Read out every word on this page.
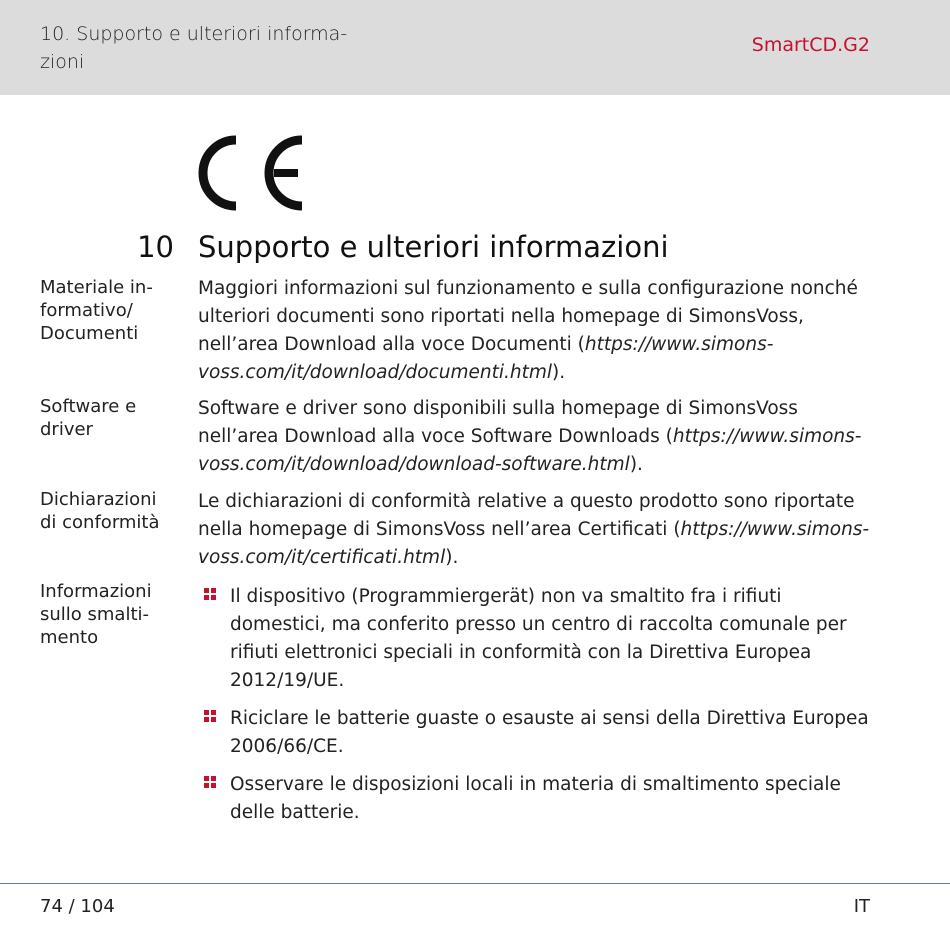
10. Supporto e ulteriori informa-
zioni
SmartCD.G2
10 Supporto e ulteriori informazioni
Materiale in-
formativo/
Documenti

Maggiori informazioni sul funzionamento e sulla configurazione nonché ulteriori documenti sono riportati nella homepage di SimonsVoss, nell’area Download alla voce Documenti (https://www.simons-voss.com/it/download/documenti.html).

Software e
driver

Software e driver sono disponibili sulla homepage di SimonsVoss nell’area Download alla voce Software Downloads (https://www.simons-voss.com/it/download/download-software.html).

Dichiarazioni
di conformità

Le dichiarazioni di conformità relative a questo prodotto sono riportate nella homepage di SimonsVoss nell’area Certificati (https://www.simons-voss.com/it/certificati.html).

Informazioni
sullo smalti-
mento
Il dispositivo (Programmiergerät) non va smaltito fra i rifiuti domestici, ma conferito presso un centro di raccolta comunale per rifiuti elettronici speciali in conformità con la Direttiva Europea 2012/19/UE.
Riciclare le batterie guaste o esauste ai sensi della Direttiva Europea 2006/66/CE.
Osservare le disposizioni locali in materia di smaltimento speciale delle batterie.
74 / 104	IT
